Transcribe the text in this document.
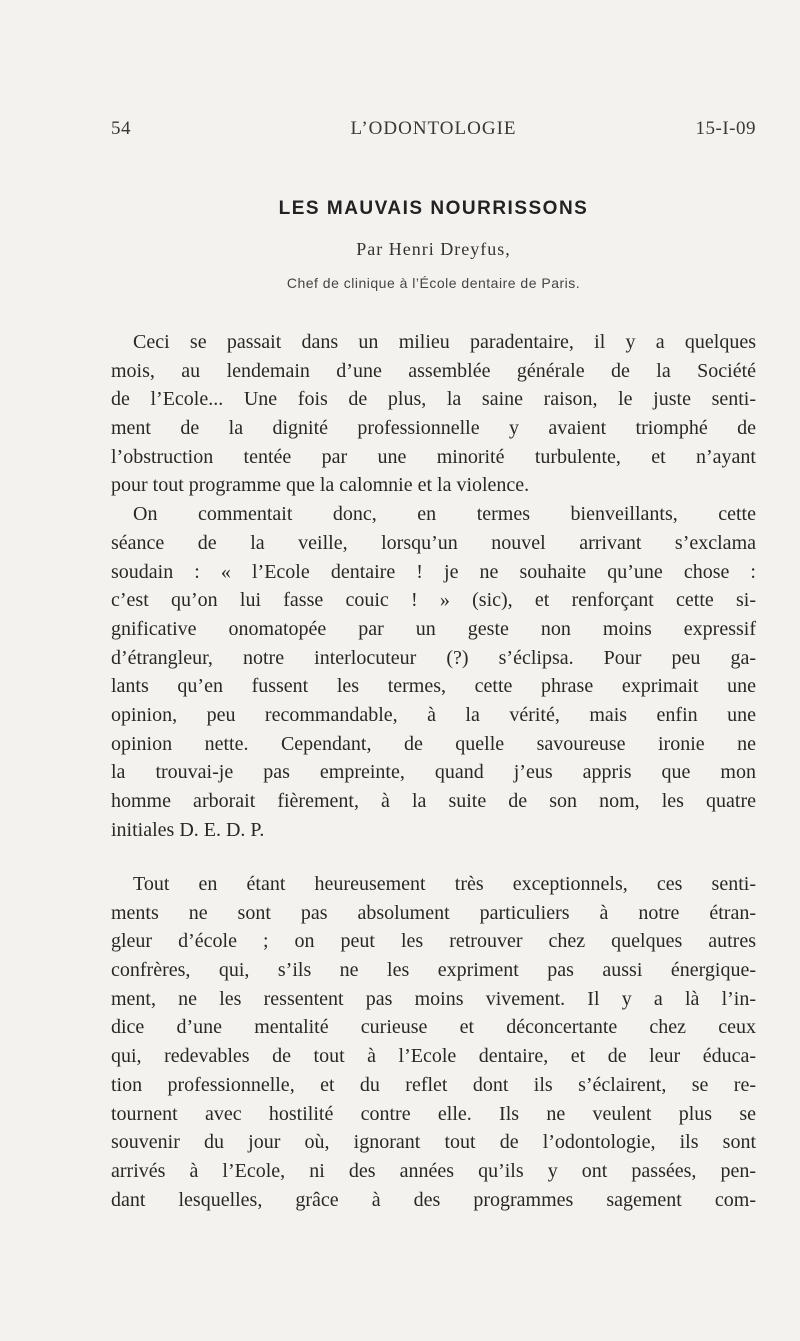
54	L’ODONTOLOGIE	15-I-09
LES MAUVAIS NOURRISSONS
Par Henri Dreyfus,
Chef de clinique à l’École dentaire de Paris.
Ceci se passait dans un milieu paradentaire, il y a quelques
mois, au lendemain d’une assemblée générale de la Société
de l’Ecole... Une fois de plus, la saine raison, le juste senti-
ment de la dignité professionnelle y avaient triomphé de
l’obstruction tentée par une minorité turbulente, et n’ayant
pour tout programme que la calomnie et la violence.
On commentait donc, en termes bienveillants, cette
séance de la veille, lorsqu’un nouvel arrivant s’exclama
soudain : « l’Ecole dentaire ! je ne souhaite qu’une chose :
c’est qu’on lui fasse couic ! » (sic), et renforçant cette si-
gnificative onomatopée par un geste non moins expressif
d’étrangleur, notre interlocuteur (?) s’éclipsa. Pour peu ga-
lants qu’en fussent les termes, cette phrase exprimait une
opinion, peu recommandable, à la vérité, mais enfin une
opinion nette. Cependant, de quelle savoureuse ironie ne
la trouvai-je pas empreinte, quand j’eus appris que mon
homme arborait fièrement, à la suite de son nom, les quatre
initiales D. E. D. P.
Tout en étant heureusement très exceptionnels, ces senti-
ments ne sont pas absolument particuliers à notre étran-
gleur d’école ; on peut les retrouver chez quelques autres
confrères, qui, s’ils ne les expriment pas aussi énergique-
ment, ne les ressentent pas moins vivement. Il y a là l’in-
dice d’une mentalité curieuse et déconcertante chez ceux
qui, redevables de tout à l’Ecole dentaire, et de leur éduca-
tion professionnelle, et du reflet dont ils s’éclairent, se re-
tournent avec hostilité contre elle. Ils ne veulent plus se
souvenir du jour où, ignorant tout de l’odontologie, ils sont
arrivés à l’Ecole, ni des années qu’ils y ont passées, pen-
dant lesquelles, grâce à des programmes sagement com-
